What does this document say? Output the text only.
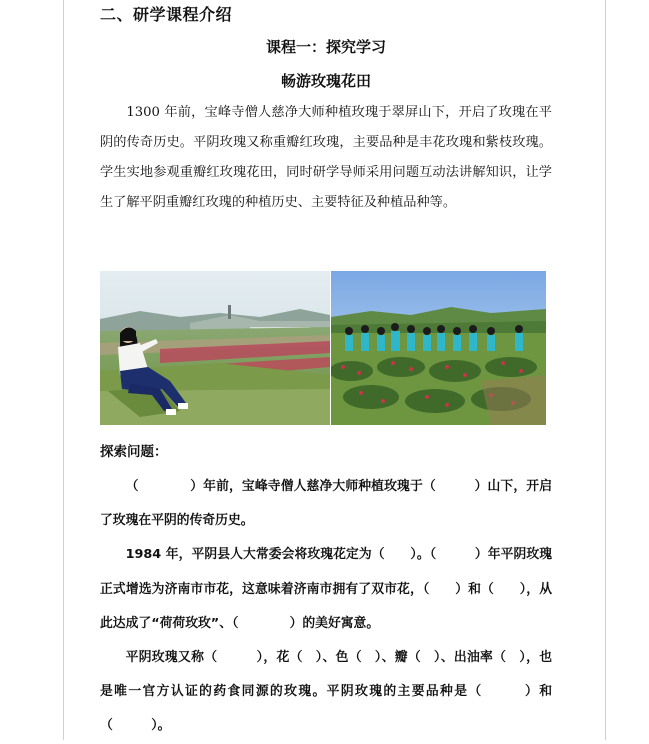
二、研学课程介绍
课程一：探究学习
畅游玫瑰花田

1300 年前，宝峰寺僧人慈净大师种植玫瑰于翠屏山下，开启了玫瑰在平阴的传奇历史。平阴玫瑰又称重瓣红玫瑰，主要品种是丰花玫瑰和紫枝玫瑰。学生实地参观重瓣红玫瑰花田，同时研学导师采用问题互动法讲解知识，让学生了解平阴重瓣红玫瑰的种植历史、主要特征及种植品种等。

探索问题：

（　　　　）年前，宝峰寺僧人慈净大师种植玫瑰于（　　　）山下，开启了玫瑰在平阴的传奇历史。

1984 年，平阴县人大常委会将玫瑰花定为（　　）。（　　　）年平阴玫瑰正式增选为济南市市花，这意味着济南市拥有了双市花，（　　）和（　　），从此达成了“荷荷玫玫”、（　　　　）的美好寓意。

平阴玫瑰又称（　　　），花（　）、色（　）、瓣（　）、出油率（　），也是唯一官方认证的药食同源的玫瑰。平阴玫瑰的主要品种是（　　　）和（　　　）。
